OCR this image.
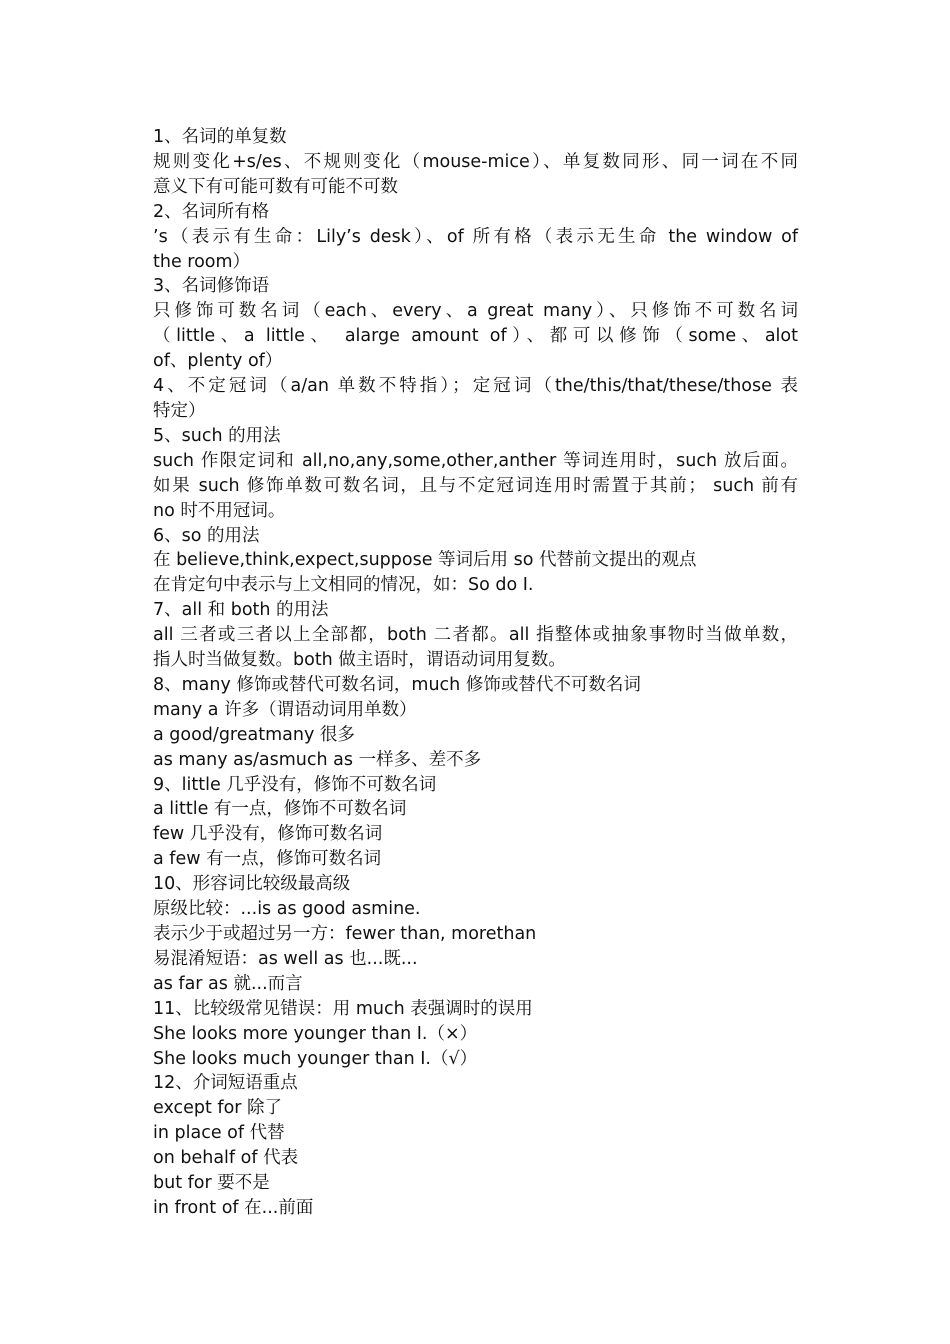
1、名词的单复数
规则变化+s/es、不规则变化（mouse-mice）、单复数同形、同一词在不同
意义下有可能可数有可能不可数
2、名词所有格
’s（表示有生命：Lily’s desk）、of 所有格（表示无生命 the window of
the room）
3、名词修饰语
只修饰可数名词（each、every、a great many）、只修饰不可数名词
（little、a little、 alarge amount of）、都可以修饰（some、alot
of、plenty of）
4、不定冠词（a/an 单数不特指）；定冠词（the/this/that/these/those 表
特定）
5、such 的用法
such 作限定词和 all,no,any,some,other,anther 等词连用时，such 放后面。
如果 such 修饰单数可数名词，且与不定冠词连用时需置于其前； such 前有
no 时不用冠词。
6、so 的用法
在 believe,think,expect,suppose 等词后用 so 代替前文提出的观点
在肯定句中表示与上文相同的情况，如：So do I.
7、all 和 both 的用法
all 三者或三者以上全部都，both 二者都。all 指整体或抽象事物时当做单数，
指人时当做复数。both 做主语时，谓语动词用复数。
8、many 修饰或替代可数名词，much 修饰或替代不可数名词
many a 许多（谓语动词用单数）
a good/greatmany 很多
as many as/asmuch as 一样多、差不多
9、little 几乎没有，修饰不可数名词
a little 有一点，修饰不可数名词
few 几乎没有，修饰可数名词
a few 有一点，修饰可数名词
10、形容词比较级最高级
原级比较：...is as good asmine.
表示少于或超过另一方：fewer than, morethan
易混淆短语：as well as 也...既...
as far as 就...而言
11、比较级常见错误：用 much 表强调时的误用
She looks more younger than I.（×）
She looks much younger than I.（√）
12、介词短语重点
except for 除了
in place of 代替
on behalf of 代表
but for 要不是
in front of 在...前面
